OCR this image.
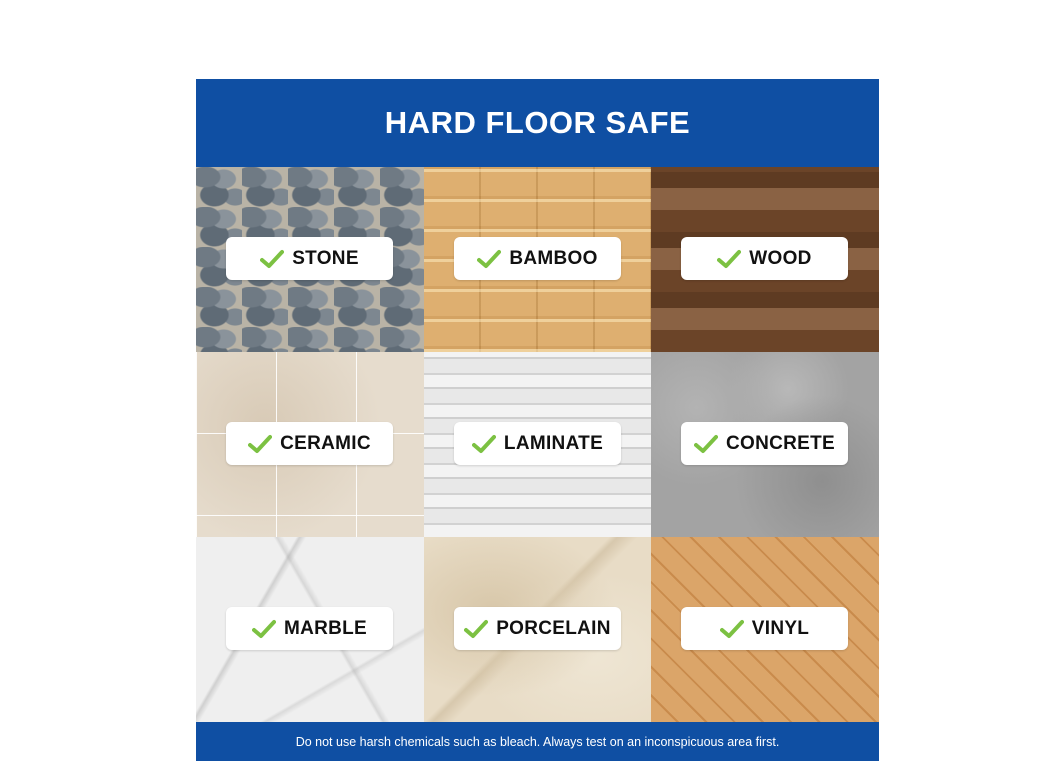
HARD FLOOR SAFE
STONE	BAMBOO	WOOD
CERAMIC	LAMINATE	CONCRETE
MARBLE	PORCELAIN	VINYL
Do not use harsh chemicals such as bleach. Always test on an inconspicuous area first.
